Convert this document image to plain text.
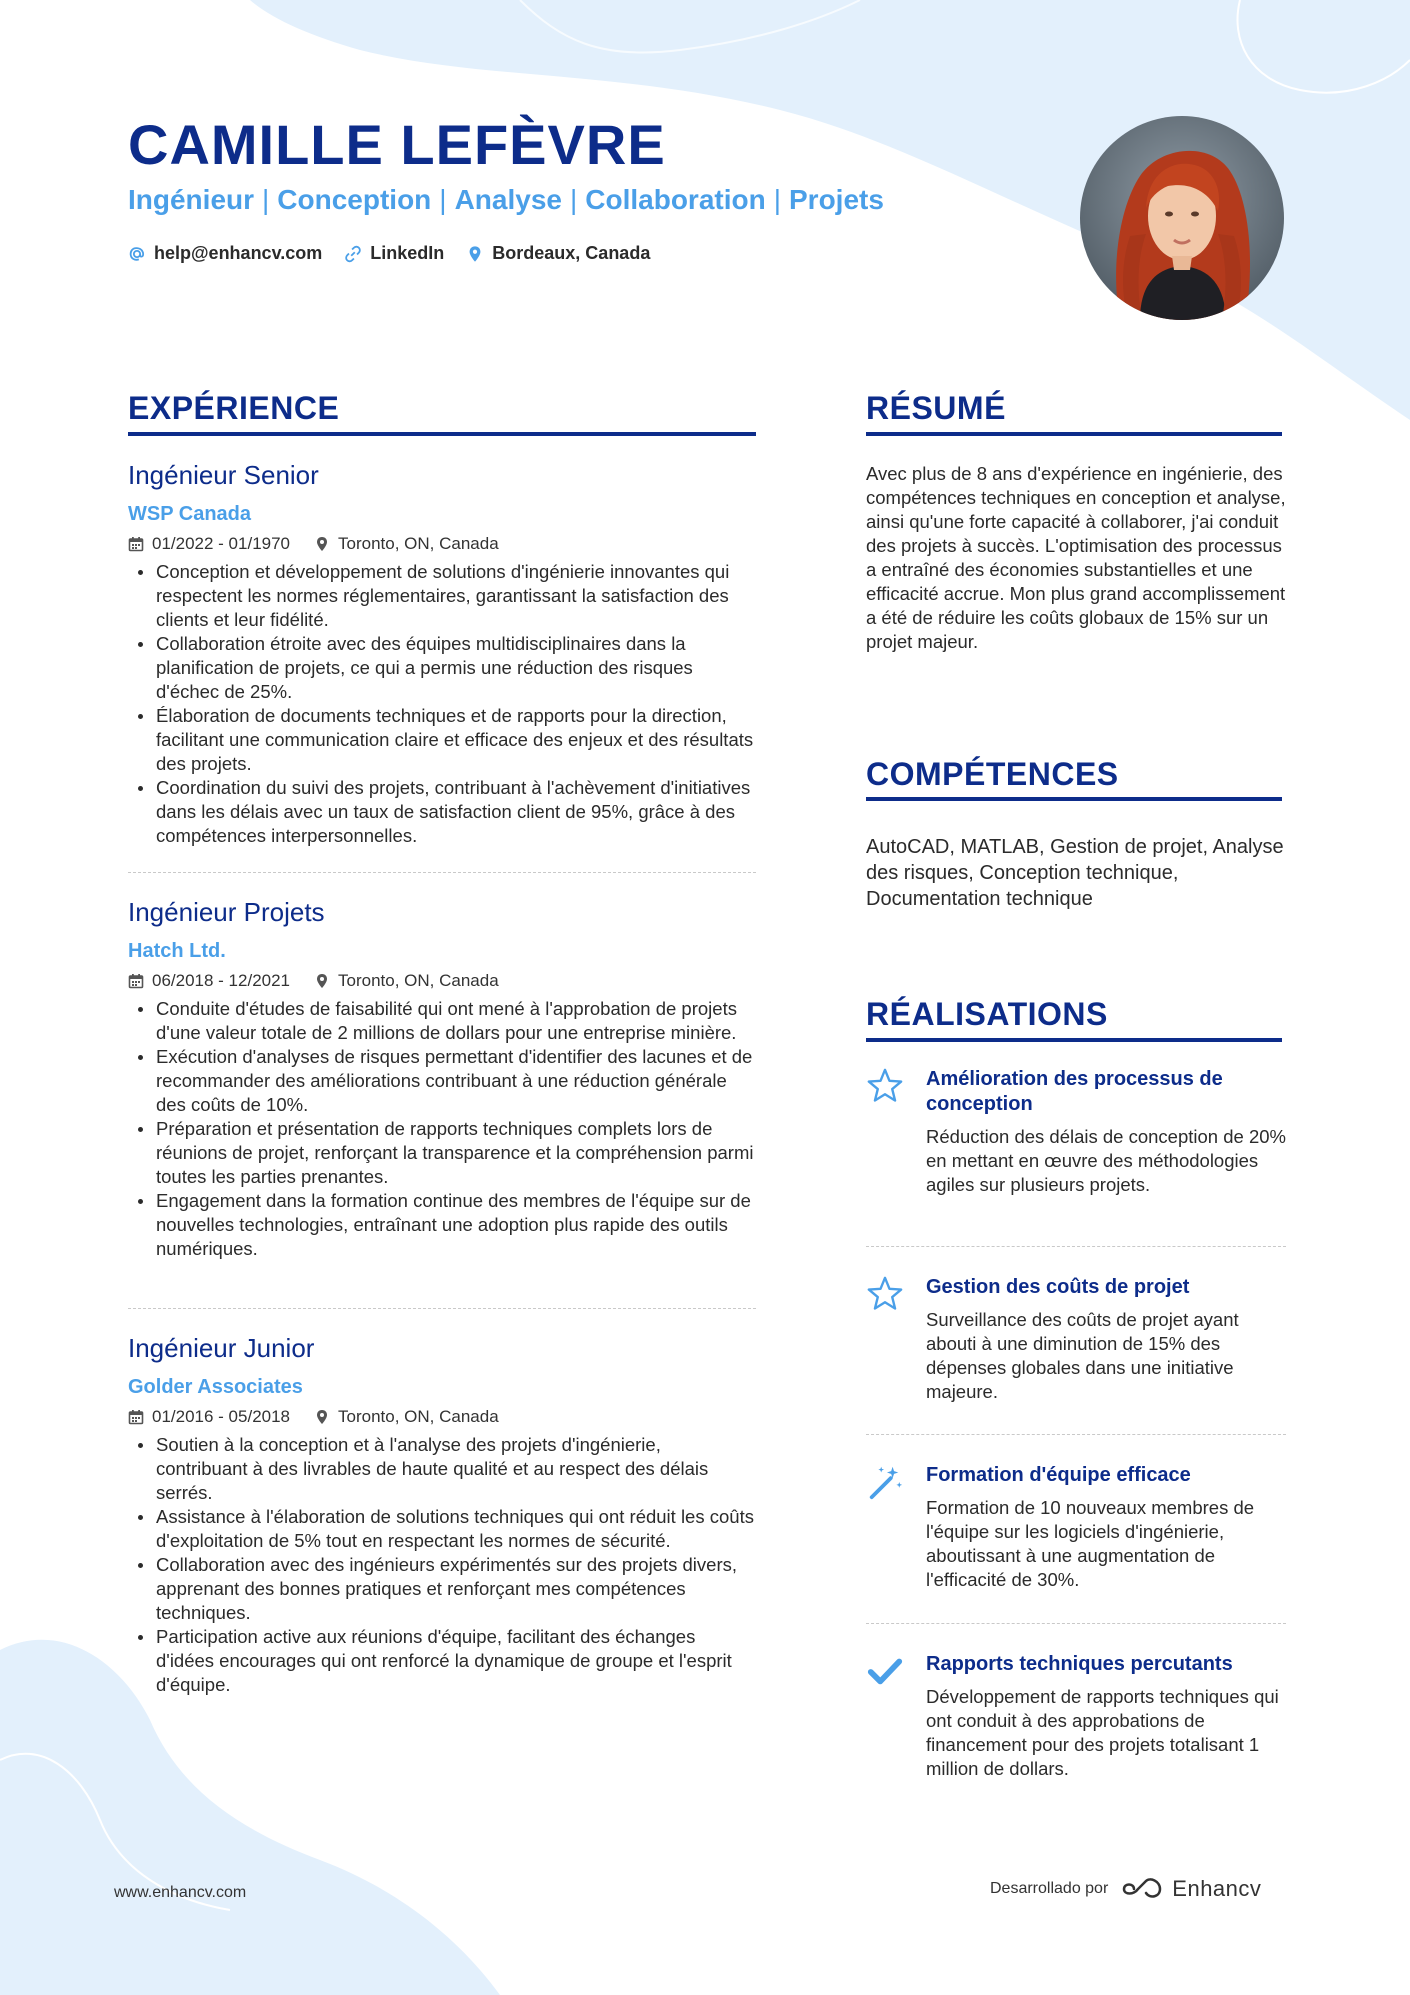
CAMILLE LEFÈVRE
Ingénieur | Conception | Analyse | Collaboration | Projets
help@enhancv.com	LinkedIn	Bordeaux, Canada
EXPÉRIENCE
Ingénieur Senior
WSP Canada
01/2022 - 01/1970	Toronto, ON, Canada
Conception et développement de solutions d'ingénierie innovantes qui respectent les normes réglementaires, garantissant la satisfaction des clients et leur fidélité.
Collaboration étroite avec des équipes multidisciplinaires dans la planification de projets, ce qui a permis une réduction des risques d'échec de 25%.
Élaboration de documents techniques et de rapports pour la direction, facilitant une communication claire et efficace des enjeux et des résultats des projets.
Coordination du suivi des projets, contribuant à l'achèvement d'initiatives dans les délais avec un taux de satisfaction client de 95%, grâce à des compétences interpersonnelles.
Ingénieur Projets
Hatch Ltd.
06/2018 - 12/2021	Toronto, ON, Canada
Conduite d'études de faisabilité qui ont mené à l'approbation de projets d'une valeur totale de 2 millions de dollars pour une entreprise minière.
Exécution d'analyses de risques permettant d'identifier des lacunes et de recommander des améliorations contribuant à une réduction générale des coûts de 10%.
Préparation et présentation de rapports techniques complets lors de réunions de projet, renforçant la transparence et la compréhension parmi toutes les parties prenantes.
Engagement dans la formation continue des membres de l'équipe sur de nouvelles technologies, entraînant une adoption plus rapide des outils numériques.
Ingénieur Junior
Golder Associates
01/2016 - 05/2018	Toronto, ON, Canada
Soutien à la conception et à l'analyse des projets d'ingénierie, contribuant à des livrables de haute qualité et au respect des délais serrés.
Assistance à l'élaboration de solutions techniques qui ont réduit les coûts d'exploitation de 5% tout en respectant les normes de sécurité.
Collaboration avec des ingénieurs expérimentés sur des projets divers, apprenant des bonnes pratiques et renforçant mes compétences techniques.
Participation active aux réunions d'équipe, facilitant des échanges d'idées encourages qui ont renforcé la dynamique de groupe et l'esprit d'équipe.
RÉSUMÉ
Avec plus de 8 ans d'expérience en ingénierie, des compétences techniques en conception et analyse, ainsi qu'une forte capacité à collaborer, j'ai conduit des projets à succès. L'optimisation des processus a entraîné des économies substantielles et une efficacité accrue. Mon plus grand accomplissement a été de réduire les coûts globaux de 15% sur un projet majeur.
COMPÉTENCES
AutoCAD, MATLAB, Gestion de projet, Analyse des risques, Conception technique, Documentation technique
RÉALISATIONS
Amélioration des processus de conception
Réduction des délais de conception de 20% en mettant en œuvre des méthodologies agiles sur plusieurs projets.
Gestion des coûts de projet
Surveillance des coûts de projet ayant abouti à une diminution de 15% des dépenses globales dans une initiative majeure.
Formation d'équipe efficace
Formation de 10 nouveaux membres de l'équipe sur les logiciels d'ingénierie, aboutissant à une augmentation de l'efficacité de 30%.
Rapports techniques percutants
Développement de rapports techniques qui ont conduit à des approbations de financement pour des projets totalisant 1 million de dollars.
www.enhancv.com	Desarrollado por	Enhancv
